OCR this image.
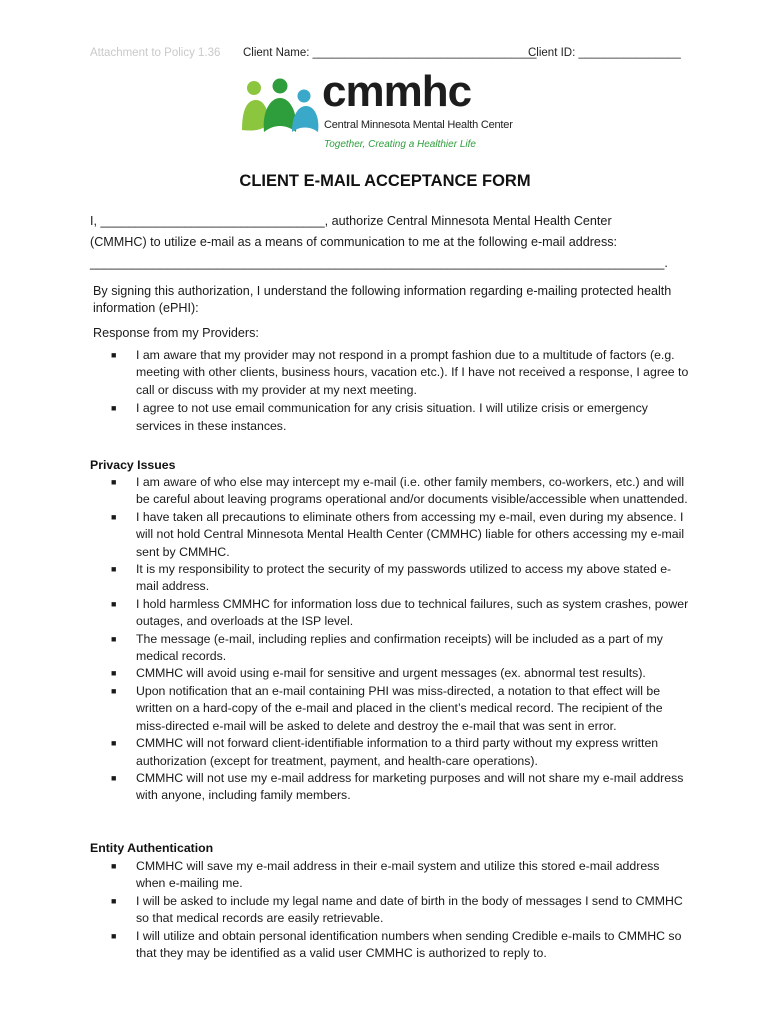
Attachment to Policy 1.36 Client Name: ___________________________________
Client ID: ________________
cmmhc
Central Minnesota Mental Health Center
Together, Creating a Healthier Life
CLIENT E-MAIL ACCEPTANCE FORM
I, ________________________________, authorize Central Minnesota Mental Health Center
(CMMHC) to utilize e-mail as a means of communication to me at the following e-mail address:
__________________________________________________________________________________.
By signing this authorization, I understand the following information regarding e-mailing protected health information (ePHI):
Response from my Providers:
■ I am aware that my provider may not respond in a prompt fashion due to a multitude of factors (e.g. meeting with other clients, business hours, vacation etc.). If I have not received a response, I agree to call or discuss with my provider at my next meeting.
■ I agree to not use email communication for any crisis situation. I will utilize crisis or emergency services in these instances.
Privacy Issues
■ I am aware of who else may intercept my e-mail (i.e. other family members, co-workers, etc.) and will be careful about leaving programs operational and/or documents visible/accessible when unattended.
■ I have taken all precautions to eliminate others from accessing my e-mail, even during my absence. I will not hold Central Minnesota Mental Health Center (CMMHC) liable for others accessing my e-mail sent by CMMHC.
■ It is my responsibility to protect the security of my passwords utilized to access my above stated e-mail address.
■ I hold harmless CMMHC for information loss due to technical failures, such as system crashes, power outages, and overloads at the ISP level.
■ The message (e-mail, including replies and confirmation receipts) will be included as a part of my medical records.
■ CMMHC will avoid using e-mail for sensitive and urgent messages (ex. abnormal test results).
■ Upon notification that an e-mail containing PHI was miss-directed, a notation to that effect will be written on a hard-copy of the e-mail and placed in the client’s medical record. The recipient of the miss-directed e-mail will be asked to delete and destroy the e-mail that was sent in error.
■ CMMHC will not forward client-identifiable information to a third party without my express written authorization (except for treatment, payment, and health-care operations).
■ CMMHC will not use my e-mail address for marketing purposes and will not share my e-mail address with anyone, including family members.
Entity Authentication
■ CMMHC will save my e-mail address in their e-mail system and utilize this stored e-mail address when e-mailing me.
■ I will be asked to include my legal name and date of birth in the body of messages I send to CMMHC so that medical records are easily retrievable.
■ I will utilize and obtain personal identification numbers when sending Credible e-mails to CMMHC so that they may be identified as a valid user CMMHC is authorized to reply to.
